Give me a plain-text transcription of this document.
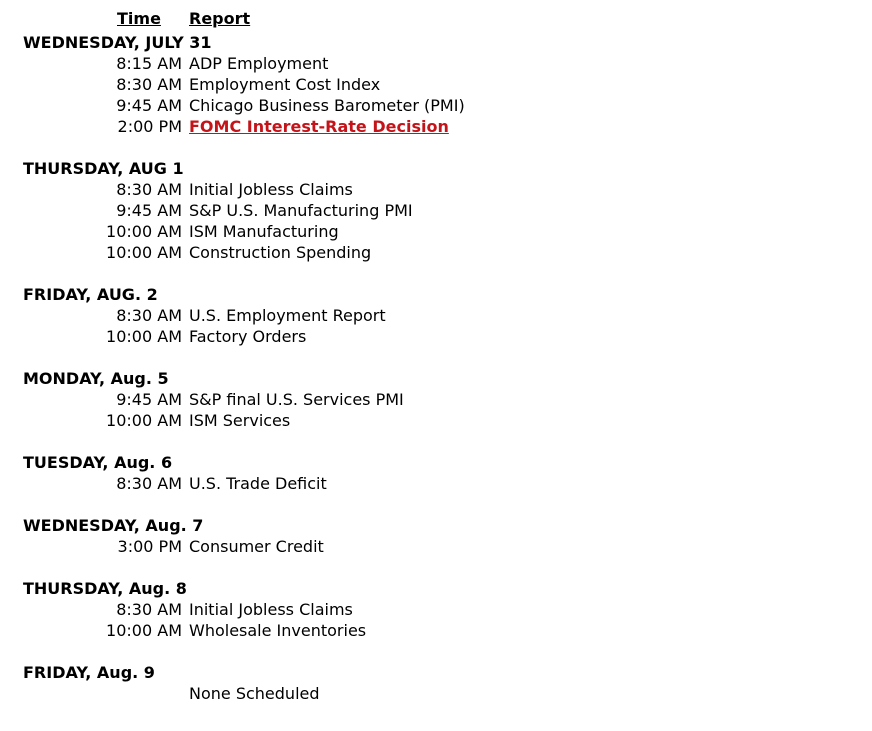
Time	Report
WEDNESDAY, JULY 31
8:15 AM ADP Employment
8:30 AM Employment Cost Index
9:45 AM Chicago Business Barometer (PMI)
2:00 PM FOMC Interest-Rate Decision
THURSDAY, AUG 1
8:30 AM Initial Jobless Claims
9:45 AM S&P U.S. Manufacturing PMI
10:00 AM ISM Manufacturing
10:00 AM Construction Spending
FRIDAY, AUG. 2
8:30 AM U.S. Employment Report
10:00 AM Factory Orders
MONDAY, Aug. 5
9:45 AM S&P final U.S. Services PMI
10:00 AM ISM Services
TUESDAY, Aug. 6
8:30 AM U.S. Trade Deficit
WEDNESDAY, Aug. 7
3:00 PM Consumer Credit
THURSDAY, Aug. 8
8:30 AM Initial Jobless Claims
10:00 AM Wholesale Inventories
FRIDAY, Aug. 9
None Scheduled
